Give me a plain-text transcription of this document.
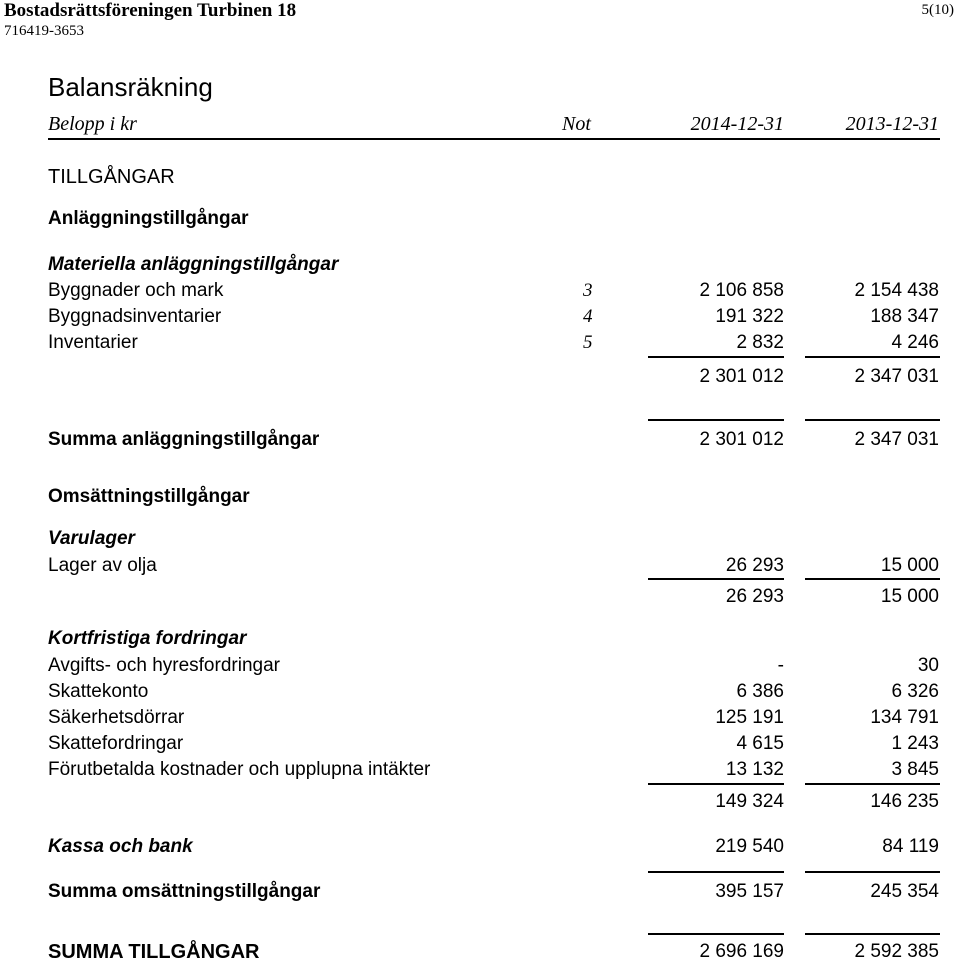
Bostadsrättsföreningen Turbinen 18
716419-3653
5(10)
Balansräkning
Belopp i kr	Not	2014-12-31	2013-12-31
TILLGÅNGAR
Anläggningstillgångar
Materiella anläggningstillgångar
Byggnader och mark	3	2 106 858	2 154 438
Byggnadsinventarier	4	191 322	188 347
Inventarier	5	2 832	4 246
2 301 012	2 347 031
Summa anläggningstillgångar	2 301 012	2 347 031
Omsättningstillgångar
Varulager
Lager av olja	26 293	15 000
26 293	15 000
Kortfristiga fordringar
Avgifts- och hyresfordringar	-	30
Skattekonto	6 386	6 326
Säkerhetsdörrar	125 191	134 791
Skattefordringar	4 615	1 243
Förutbetalda kostnader och upplupna intäkter	13 132	3 845
149 324	146 235
Kassa och bank	219 540	84 119
Summa omsättningstillgångar	395 157	245 354
SUMMA TILLGÅNGAR	2 696 169	2 592 385
